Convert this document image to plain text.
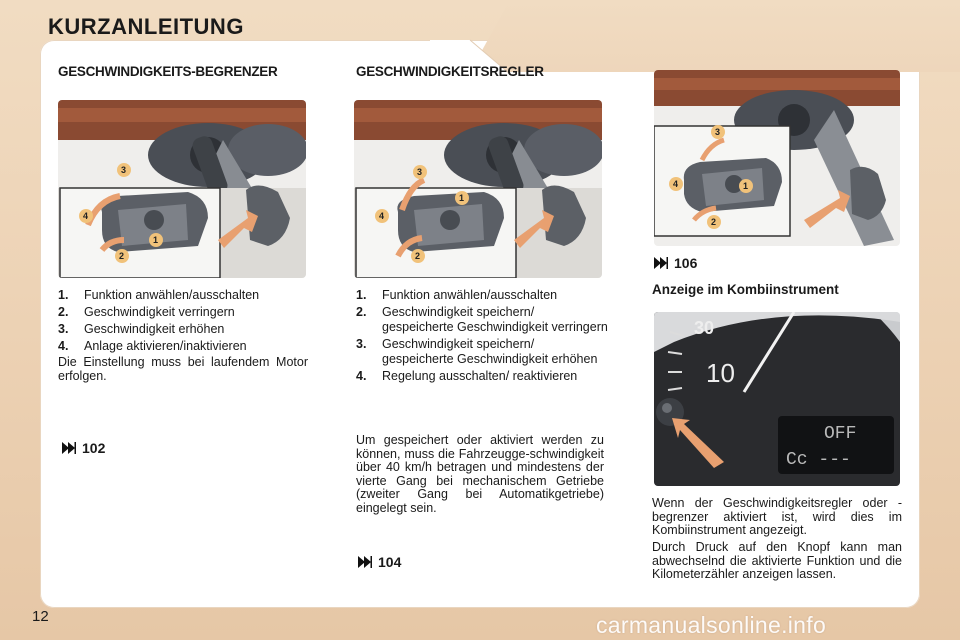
KURZANLEITUNG
GESCHWINDIGKEITS-BEGRENZER
3
4
1
2
1.	Funktion anwählen/ausschalten
2.	Geschwindigkeit verringern
3.	Geschwindigkeit erhöhen
4.	Anlage aktivieren/inaktivieren
Die Einstellung muss bei laufendem Motor erfolgen.
102
GESCHWINDIGKEITSREGLER
3
1
4
2
1.	Funktion anwählen/ausschalten
2.	Geschwindigkeit speichern/ gespeicherte Geschwindigkeit verringern
3.	Geschwindigkeit speichern/ gespeicherte Geschwindigkeit erhöhen
4.	Regelung ausschalten/ reaktivieren
Um gespeichert oder aktiviert werden zu können, muss die Fahrzeugge-schwindigkeit über 40 km/h betragen und mindestens der vierte Gang bei mechanischem Getriebe (zweiter Gang bei Automatikgetriebe) eingelegt sein.
104
3
4	1
2
106
Anzeige im Kombiinstrument
30
10
OFF
Cc ---
Wenn der Geschwindigkeitsregler oder -begrenzer aktiviert ist, wird dies im Kombiinstrument angezeigt.
Durch Druck auf den Knopf kann man abwechselnd die aktivierte Funktion und die Kilometerzähler anzeigen lassen.
12	carmanualsonline.info
